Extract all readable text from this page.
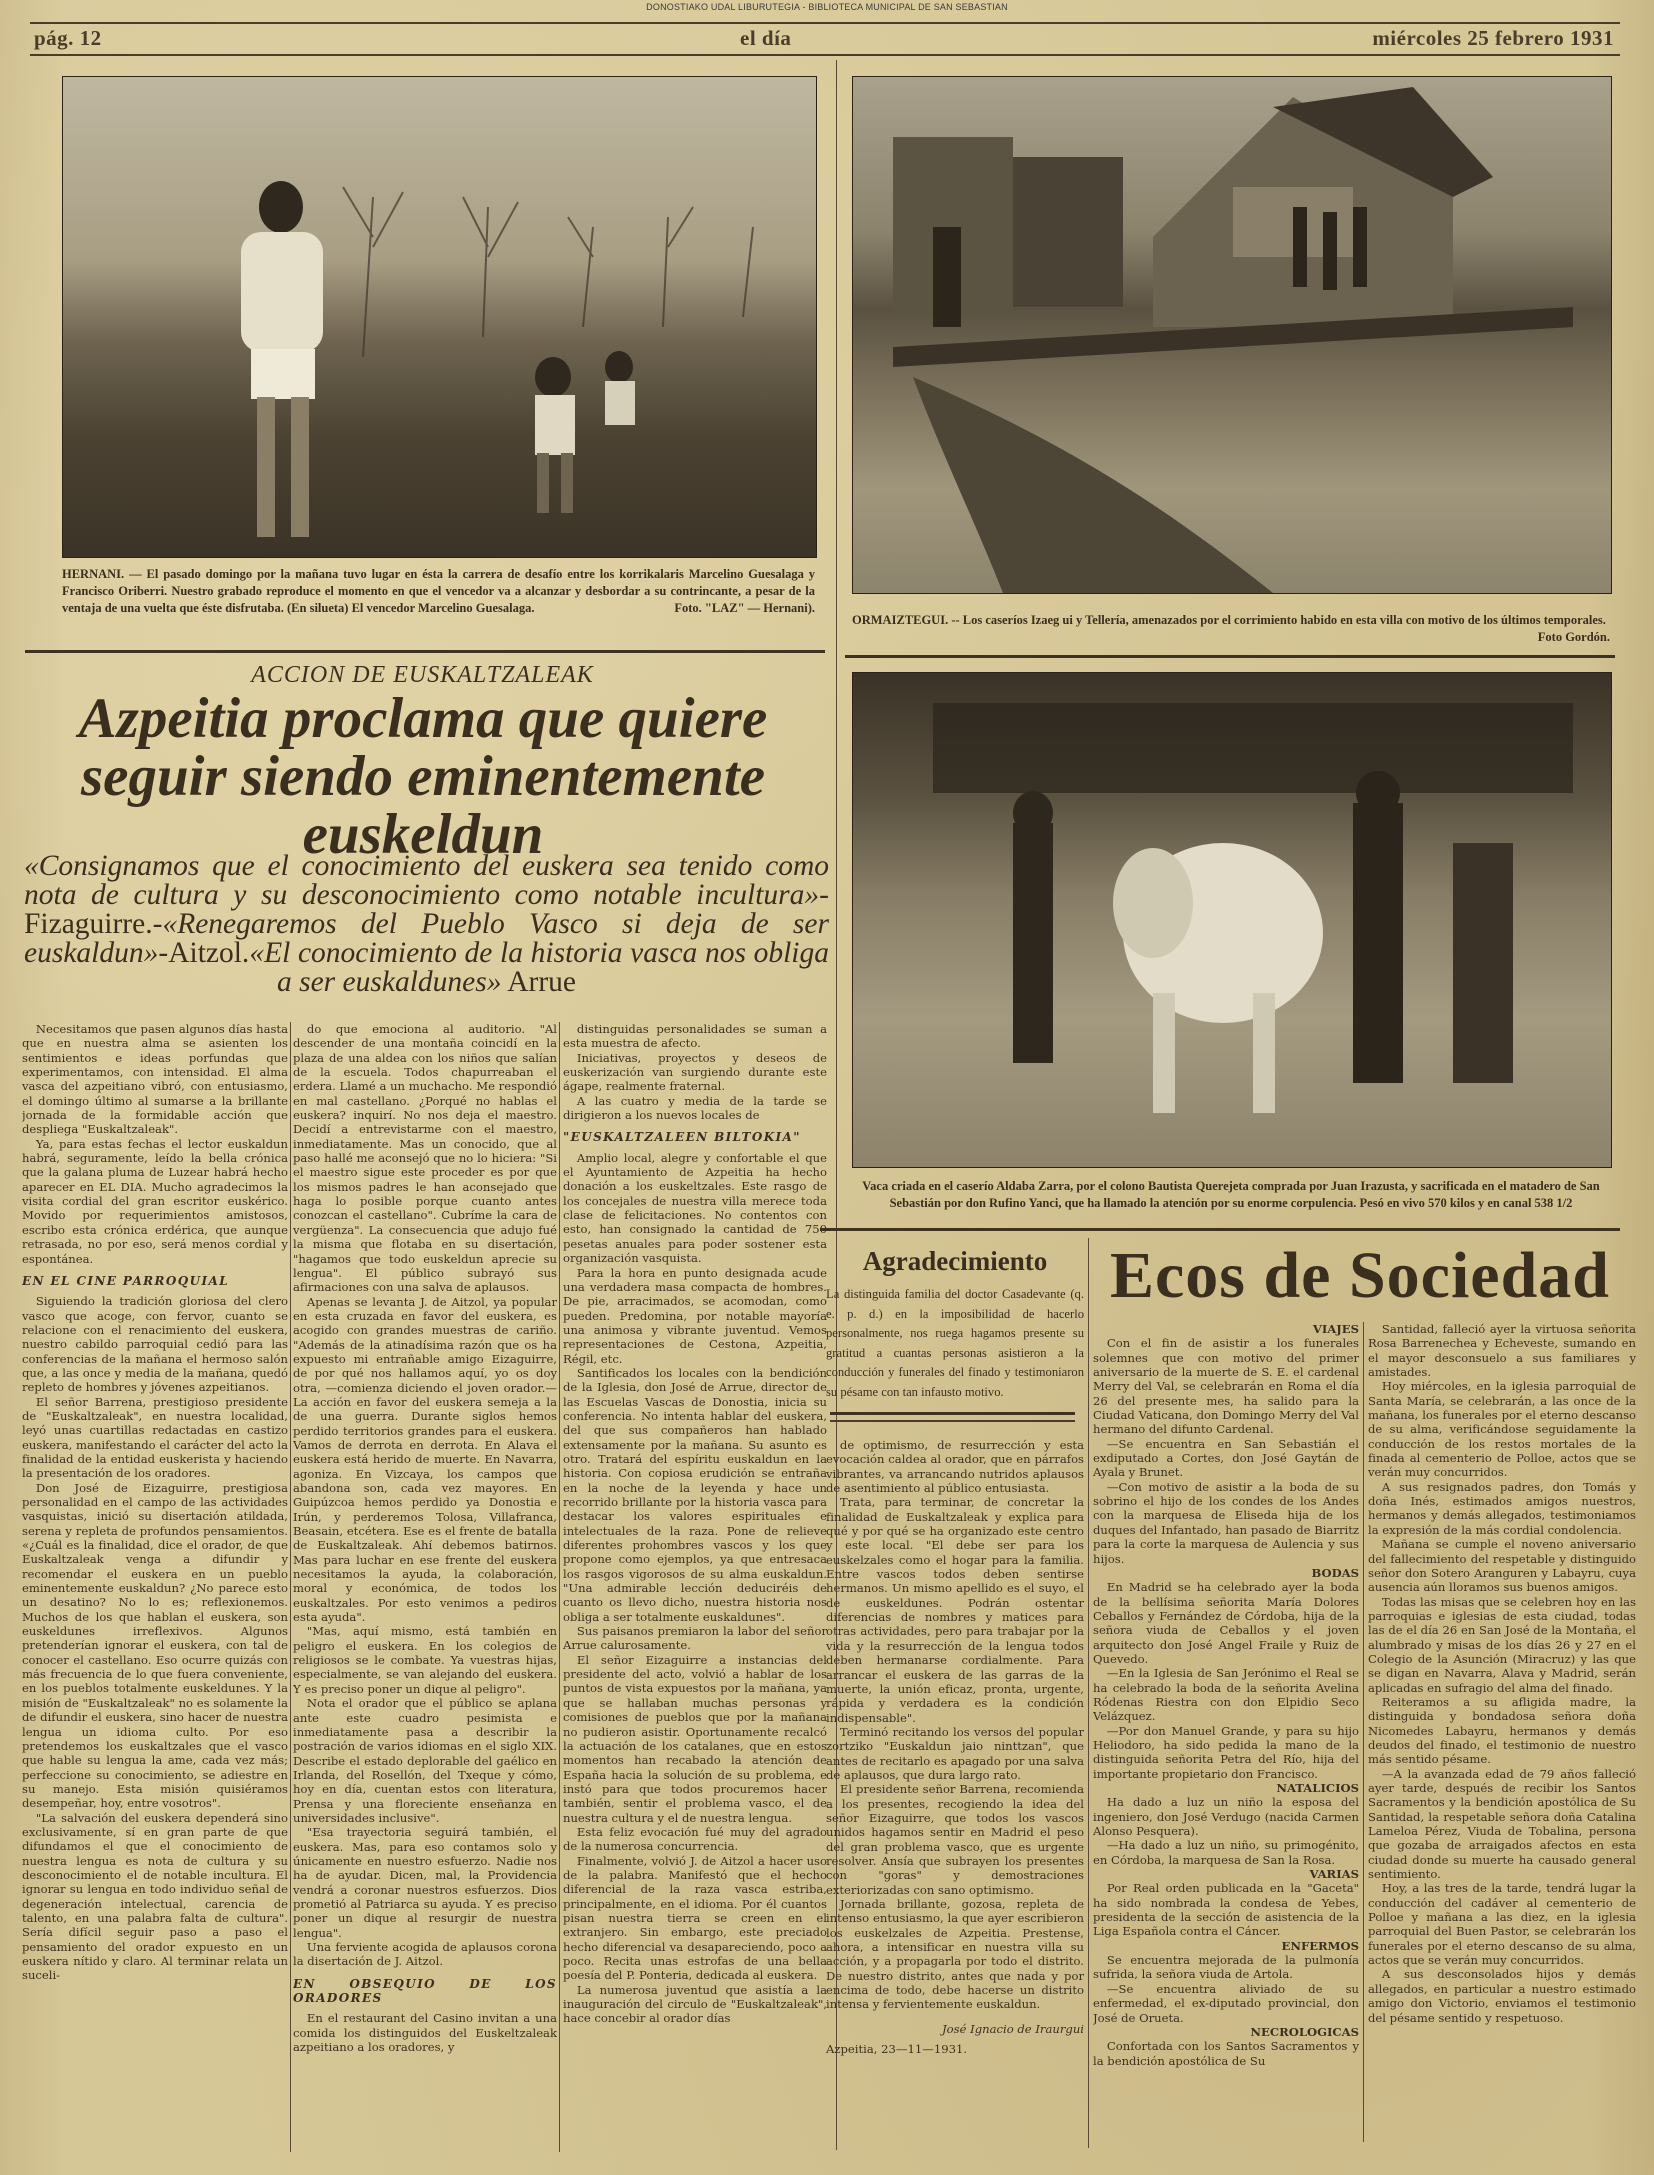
DONOSTIAKO UDAL LIBURUTEGIA - BIBLIOTECA MUNICIPAL DE SAN SEBASTIAN
pág. 12	el día	miércoles 25 febrero 1931
HERNANI. — El pasado domingo por la mañana tuvo lugar en ésta la carrera de desafío entre los korrikalaris Marcelino Guesalaga y Francisco Oriberri. Nuestro grabado reproduce el momento en que el vencedor va a alcanzar y desbordar a su contrincante, a pesar de la ventaja de una vuelta que éste disfrutaba. (En silueta) El vencedor Marcelino Guesalaga.	Foto. "LAZ" — Hernani).
ORMAIZTEGUI. -- Los caseríos Izaeg ui y Tellería, amenazados por el corrimiento habido en esta villa con motivo de los últimos temporales.
Foto Gordón.
Vaca criada en el caserío Aldaba Zarra, por el colono Bautista Querejeta comprada por Juan Irazusta, y sacrificada en el matadero de San Sebastián por don Rufino Yanci, que ha llamado la atención por su enorme corpulencia. Pesó en vivo 570 kilos y en canal 538 1/2
ACCION DE EUSKALTZALEAK
Azpeitia proclama que quiere seguir siendo eminentemente euskeldun
«Consignamos que el conocimiento del euskera sea tenido como nota de cultura y su desconocimiento como notable incultura»-Fizaguirre.-«Renegaremos del Pueblo Vasco si deja de ser euskaldun»-Aitzol.«El conocimiento de la historia vasca nos obliga a ser euskaldunes» Arrue

Necesitamos que pasen algunos días hasta que en nuestra alma se asienten los sentimientos e ideas porfundas que experimentamos, con intensidad. El alma vasca del azpeitiano vibró, con entusiasmo, el domingo último al sumarse a la brillante jornada de la formidable acción que despliega "Euskaltzaleak".

Ya, para estas fechas el lector euskaldun habrá, seguramente, leído la bella crónica que la galana pluma de Luzear habrá hecho aparecer en EL DIA. Mucho agradecimos la visita cordial del gran escritor euskérico. Movido por requerimientos amistosos, escribo esta crónica erdérica, que aunque retrasada, no por eso, será menos cordial y espontánea.

EN EL CINE PARROQUIAL

Siguiendo la tradición gloriosa del clero vasco que acoge, con fervor, cuanto se relacione con el renacimiento del euskera, nuestro cabildo parroquial cedió para las conferencias de la mañana el hermoso salón que, a las once y media de la mañana, quedó repleto de hombres y jóvenes azpeitianos.

El señor Barrena, prestigioso presidente de "Euskaltzaleak", en nuestra localidad, leyó unas cuartillas redactadas en castizo euskera, manifestando el carácter del acto la finalidad de la entidad euskerista y haciendo la presentación de los oradores.

Don José de Eizaguirre, prestigiosa personalidad en el campo de las actividades vasquistas, inició su disertación atildada, serena y repleta de profundos pensamientos. «¿Cuál es la finalidad, dice el orador, de que Euskaltzaleak venga a difundir y recomendar el euskera en un pueblo eminentemente euskaldun? ¿No parece esto un desatino? No lo es; reflexionemos. Muchos de los que hablan el euskera, son euskeldunes irreflexivos. Algunos pretenderían ignorar el euskera, con tal de conocer el castellano. Eso ocurre quizás con más frecuencia de lo que fuera conveniente, en los pueblos totalmente euskeldunes. Y la misión de "Euskaltzaleak" no es solamente la de difundir el euskera, sino hacer de nuestra lengua un idioma culto. Por eso pretendemos los euskaltzales que el vasco que hable su lengua la ame, cada vez más; perfeccione su conocimiento, se adiestre en su manejo. Esta misión quisiéramos desempeñar, hoy, entre vosotros".

"La salvación del euskera dependerá sino exclusivamente, sí en gran parte de que difundamos el que el conocimiento de nuestra lengua es nota de cultura y su desconocimiento el de notable incultura. El ignorar su lengua en todo individuo señal de degeneración intelectual, carencia de talento, en una palabra falta de cultura". Sería difícil seguir paso a paso el pensamiento del orador expuesto en un euskera nítido y claro. Al terminar relata un suceli-

do que emociona al auditorio. "Al descender de una montaña coincidí en la plaza de una aldea con los niños que salían de la escuela. Todos chapurreaban el erdera. Llamé a un muchacho. Me respondió en mal castellano. ¿Porqué no hablas el euskera? inquirí. No nos deja el maestro. Decidí a entrevistarme con el maestro, inmediatamente. Mas un conocido, que al paso hallé me aconsejó que no lo hiciera: "Si el maestro sigue este proceder es por que los mismos padres le han aconsejado que haga lo posible porque cuanto antes conozcan el castellano". Cubríme la cara de vergüenza". La consecuencia que adujo fué la misma que flotaba en su disertación, "hagamos que todo euskeldun aprecie su lengua". El público subrayó sus afirmaciones con una salva de aplausos.

Apenas se levanta J. de Aitzol, ya popular en esta cruzada en favor del euskera, es acogido con grandes muestras de cariño. "Además de la atinadísima razón que os ha expuesto mi entrañable amigo Eizaguirre, de por qué nos hallamos aquí, yo os doy otra, —comienza diciendo el joven orador.— La acción en favor del euskera semeja a la de una guerra. Durante siglos hemos perdido territorios grandes para el euskera. Vamos de derrota en derrota. En Alava el euskera está herido de muerte. En Navarra, agoniza. En Vizcaya, los campos que abandona son, cada vez mayores. En Guipúzcoa hemos perdido ya Donostia e Irún, y perderemos Tolosa, Villafranca, Beasain, etcétera. Ese es el frente de batalla de Euskaltzaleak. Ahí debemos batirnos. Mas para luchar en ese frente del euskera necesitamos la ayuda, la colaboración, moral y económica, de todos los euskaltzales. Por esto venimos a pediros esta ayuda".

"Mas, aquí mismo, está también en peligro el euskera. En los colegios de religiosos se le combate. Ya vuestras hijas, especialmente, se van alejando del euskera. Y es preciso poner un dique al peligro".

Nota el orador que el público se aplana ante este cuadro pesimista e inmediatamente pasa a describir la postración de varios idiomas en el siglo XIX. Describe el estado deplorable del gaélico en Irlanda, del Rosellón, del Txeque y cómo, hoy en día, cuentan estos con literatura, Prensa y una floreciente enseñanza en universidades inclusive".

"Esa trayectoria seguirá también, el euskera. Mas, para eso contamos solo y únicamente en nuestro esfuerzo. Nadie nos ha de ayudar. Dicen, mal, la Providencia vendrá a coronar nuestros esfuerzos. Dios prometió al Patriarca su ayuda. Y es preciso poner un dique al resurgir de nuestra lengua".

Una ferviente acogida de aplausos corona la disertación de J. Aitzol.

EN OBSEQUIO DE LOS ORADORES

En el restaurant del Casino invitan a una comida los distinguidos del Euskeltzaleak azpeitiano a los oradores, y

distinguidas personalidades se suman a esta muestra de afecto.

Iniciativas, proyectos y deseos de euskerización van surgiendo durante este ágape, realmente fraternal.

A las cuatro y media de la tarde se dirigieron a los nuevos locales de

"EUSKALTZALEEN BILTOKIA"

Amplio local, alegre y confortable el que el Ayuntamiento de Azpeitia ha hecho donación a los euskeltzales. Este rasgo de los concejales de nuestra villa merece toda clase de felicitaciones. No contentos con esto, han consignado la cantidad de 750 pesetas anuales para poder sostener esta organización vasquista.

Para la hora en punto designada acude una verdadera masa compacta de hombres. De pie, arracimados, se acomodan, como pueden. Predomina, por notable mayoría una animosa y vibrante juventud. Vemos representaciones de Cestona, Azpeitia, Régil, etc.

Santificados los locales con la bendición de la Iglesia, don José de Arrue, director de las Escuelas Vascas de Donostia, inicia su conferencia. No intenta hablar del euskera, del que sus compañeros han hablado extensamente por la mañana. Su asunto es otro. Tratará del espíritu euskaldun en la historia. Con copiosa erudición se entraña en la noche de la leyenda y hace un recorrido brillante por la historia vasca para destacar los valores espirituales e intelectuales de la raza. Pone de relieve diferentes prohombres vascos y los que propone como ejemplos, ya que entresaca los rasgos vigorosos de su alma euskaldun. "Una admirable lección deduciréis de cuanto os llevo dicho, nuestra historia nos obliga a ser totalmente euskaldunes".

Sus paisanos premiaron la labor del señor Arrue calurosamente.

El señor Eizaguirre a instancias del presidente del acto, volvió a hablar de los puntos de vista expuestos por la mañana, ya que se hallaban muchas personas y comisiones de pueblos que por la mañana no pudieron asistir. Oportunamente recalcó la actuación de los catalanes, que en estos momentos han recabado la atención de España hacia la solución de su problema, e instó para que todos procuremos hacer también, sentir el problema vasco, el de nuestra cultura y el de nuestra lengua.

Esta feliz evocación fué muy del agrado de la numerosa concurrencia.

Finalmente, volvió J. de Aitzol a hacer uso de la palabra. Manifestó que el hecho diferencial de la raza vasca estriba, principalmente, en el idioma. Por él cuantos pisan nuestra tierra se creen en el extranjero. Sin embargo, este preciado hecho diferencial va desapareciendo, poco a poco. Recita unas estrofas de una bella poesía del P. Ponteria, dedicada al euskera.

La numerosa juventud que asistía a la inauguración del circulo de "Euskaltzaleak", hace concebir al orador días

Agradecimiento
La distinguida familia del doctor Casadevante (q. e. p. d.) en la imposibilidad de hacerlo personalmente, nos ruega hagamos presente su gratitud a cuantas personas asistieron a la conducción y funerales del finado y testimoniaron su pésame con tan infausto motivo.

de optimismo, de resurrección y esta evocación caldea al orador, que en párrafos vibrantes, va arrancando nutridos aplausos de asentimiento al público entusiasta.

Trata, para terminar, de concretar la finalidad de Euskaltzaleak y explica para qué y por qué se ha organizado este centro y este local. "El debe ser para los euskelzales como el hogar para la familia. Entre vascos todos deben sentirse hermanos. Un mismo apellido es el suyo, el de euskeldunes. Podrán ostentar diferencias de nombres y matices para otras actividades, pero para trabajar por la vida y la resurrección de la lengua todos deben hermanarse cordialmente. Para arrancar el euskera de las garras de la muerte, la unión eficaz, pronta, urgente, rápida y verdadera es la condición indispensable".

Terminó recitando los versos del popular zortziko "Euskaldun jaio ninttzan", que antes de recitarlo es apagado por una salva de aplausos, que dura largo rato.

El presidente señor Barrena, recomienda a los presentes, recogiendo la idea del señor Eizaguirre, que todos los vascos unidos hagamos sentir en Madrid el peso del gran problema vasco, que es urgente resolver. Ansía que subrayen los presentes con "goras" y demostraciones exteriorizadas con sano optimismo.

Jornada brillante, gozosa, repleta de intenso entusiasmo, la que ayer escribieron los euskelzales de Azpeitia. Prestense, ahora, a intensificar en nuestra villa su acción, y a propagarla por todo el distrito. De nuestro distrito, antes que nada y por encima de todo, debe hacerse un distrito intensa y fervientemente euskaldun.

José Ignacio de Iraurgui

Azpeitia, 23—11—1931.

Ecos de Sociedad

VIAJES

Con el fin de asistir a los funerales solemnes que con motivo del primer aniversario de la muerte de S. E. el cardenal Merry del Val, se celebrarán en Roma el día 26 del presente mes, ha salido para la Ciudad Vaticana, don Domingo Merry del Val hermano del difunto Cardenal.

—Se encuentra en San Sebastián el exdiputado a Cortes, don José Gaytán de Ayala y Brunet.

—Con motivo de asistir a la boda de su sobrino el hijo de los condes de los Andes con la marquesa de Eliseda hija de los duques del Infantado, han pasado de Biarritz para la corte la marquesa de Aulencia y sus hijos.

BODAS

En Madrid se ha celebrado ayer la boda de la bellísima señorita María Dolores Ceballos y Fernández de Córdoba, hija de la señora viuda de Ceballos y el joven arquitecto don José Angel Fraile y Ruiz de Quevedo.

—En la Iglesia de San Jerónimo el Real se ha celebrado la boda de la señorita Avelina Ródenas Riestra con don Elpidio Seco Velázquez.

—Por don Manuel Grande, y para su hijo Heliodoro, ha sido pedida la mano de la distinguida señorita Petra del Río, hija del importante propietario don Francisco.

NATALICIOS

Ha dado a luz un niño la esposa del ingeniero, don José Verdugo (nacida Carmen Alonso Pesquera).

—Ha dado a luz un niño, su primogénito, en Córdoba, la marquesa de San la Rosa.

VARIAS

Por Real orden publicada en la "Gaceta" ha sido nombrada la condesa de Yebes, presidenta de la sección de asistencia de la Liga Española contra el Cáncer.

ENFERMOS

Se encuentra mejorada de la pulmonía sufrida, la señora viuda de Artola.

—Se encuentra aliviado de su enfermedad, el ex-diputado provincial, don José de Orueta.

NECROLOGICAS

Confortada con los Santos Sacramentos y la bendición apostólica de Su

Santidad, falleció ayer la virtuosa señorita Rosa Barrenechea y Echeveste, sumando en el mayor desconsuelo a sus familiares y amistades.

Hoy miércoles, en la iglesia parroquial de Santa María, se celebrarán, a las once de la mañana, los funerales por el eterno descanso de su alma, verificándose seguidamente la conducción de los restos mortales de la finada al cementerio de Polloe, actos que se verán muy concurridos.

A sus resignados padres, don Tomás y doña Inés, estimados amigos nuestros, hermanos y demás allegados, testimoniamos la expresión de la más cordial condolencia.

Mañana se cumple el noveno aniversario del fallecimiento del respetable y distinguido señor don Sotero Aranguren y Labayru, cuya ausencia aún lloramos sus buenos amigos.

Todas las misas que se celebren hoy en las parroquias e iglesias de esta ciudad, todas las de el día 26 en San José de la Montaña, el alumbrado y misas de los días 26 y 27 en el Colegio de la Asunción (Miracruz) y las que se digan en Navarra, Alava y Madrid, serán aplicadas en sufragio del alma del finado.

Reiteramos a su afligida madre, la distinguida y bondadosa señora doña Nicomedes Labayru, hermanos y demás deudos del finado, el testimonio de nuestro más sentido pésame.

—A la avanzada edad de 79 años falleció ayer tarde, después de recibir los Santos Sacramentos y la bendición apostólica de Su Santidad, la respetable señora doña Catalina Lameloa Pérez, Viuda de Tobalina, persona que gozaba de arraigados afectos en esta ciudad donde su muerte ha causado general sentimiento.

Hoy, a las tres de la tarde, tendrá lugar la conducción del cadáver al cementerio de Polloe y mañana a las diez, en la iglesia parroquial del Buen Pastor, se celebrarán los funerales por el eterno descanso de su alma, actos que se verán muy concurridos.

A sus desconsolados hijos y demás allegados, en particular a nuestro estimado amigo don Victorio, enviamos el testimonio del pésame sentido y respetuoso.
